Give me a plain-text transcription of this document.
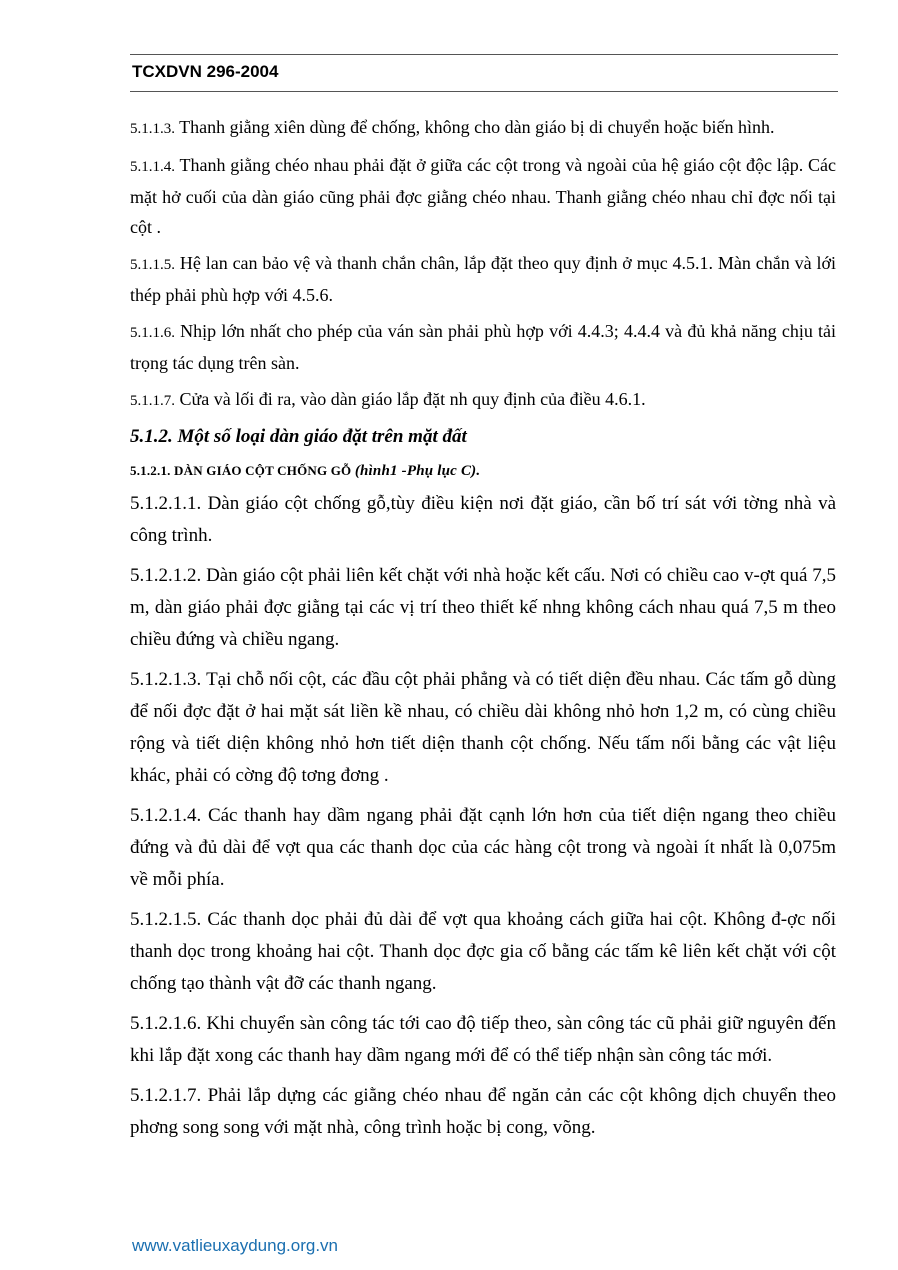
TCXDVN 296-2004

5.1.1.3. Thanh giằng xiên dùng để chống, không cho dàn giáo bị di chuyển hoặc biến hình.

5.1.1.4. Thanh giằng chéo nhau phải đặt ở giữa các cột trong và ngoài của hệ giáo cột độc lập. Các mặt hở cuối của dàn giáo cũng phải đợc giằng chéo nhau. Thanh giằng chéo nhau chỉ đợc nối tại cột .

5.1.1.5. Hệ lan can bảo vệ và thanh chắn chân, lắp đặt theo quy định ở mục 4.5.1. Màn chắn và lới thép phải phù hợp với 4.5.6.

5.1.1.6. Nhịp lớn nhất cho phép của ván sàn phải phù hợp với 4.4.3; 4.4.4 và đủ khả năng chịu tải trọng tác dụng trên sàn.

5.1.1.7. Cửa và lối đi ra, vào dàn giáo lắp đặt nh quy định của điều 4.6.1.

5.1.2. Một số loại dàn giáo đặt trên mặt đất

5.1.2.1. DÀN GIÁO CỘT CHỐNG GỖ (hình1 -Phụ lục C).

5.1.2.1.1. Dàn giáo cột chống gỗ,tùy điều kiện nơi đặt giáo, cần bố trí sát với tờng nhà và công trình.

5.1.2.1.2. Dàn giáo cột phải liên kết chặt với nhà hoặc kết cấu. Nơi có chiều cao v-ợt quá 7,5 m, dàn giáo phải đợc giằng tại các vị trí theo thiết kế nhng không cách nhau quá 7,5 m theo chiều đứng và chiều ngang.

5.1.2.1.3. Tại chỗ nối cột, các đầu cột phải phẳng và có tiết diện đều nhau. Các tấm gỗ dùng để nối đợc đặt ở hai mặt sát liền kề nhau, có chiều dài không nhỏ hơn 1,2 m, có cùng chiều rộng và tiết diện không nhỏ hơn tiết diện thanh cột chống. Nếu tấm nối bằng các vật liệu khác, phải có cờng độ tơng đơng .

5.1.2.1.4. Các thanh hay dầm ngang phải đặt cạnh lớn hơn của tiết diện ngang theo chiều đứng và đủ dài để vợt qua các thanh dọc của các hàng cột trong và ngoài ít nhất là 0,075m về mỗi phía.

5.1.2.1.5. Các thanh dọc phải đủ dài để vợt qua khoảng cách giữa hai cột. Không đ-ợc nối thanh dọc trong khoảng hai cột. Thanh dọc đợc gia cố bằng các tấm kê liên kết chặt với cột chống tạo thành vật đỡ các thanh ngang.

5.1.2.1.6. Khi chuyển sàn công tác tới cao độ tiếp theo, sàn công tác cũ phải giữ nguyên đến khi lắp đặt xong các thanh hay dầm ngang mới để có thể tiếp nhận sàn công tác mới.

5.1.2.1.7. Phải lắp dựng các giằng chéo nhau để ngăn cản các cột không dịch chuyển theo phơng song song với mặt nhà, công trình hoặc bị cong, võng.

www.vatlieuxaydung.org.vn
